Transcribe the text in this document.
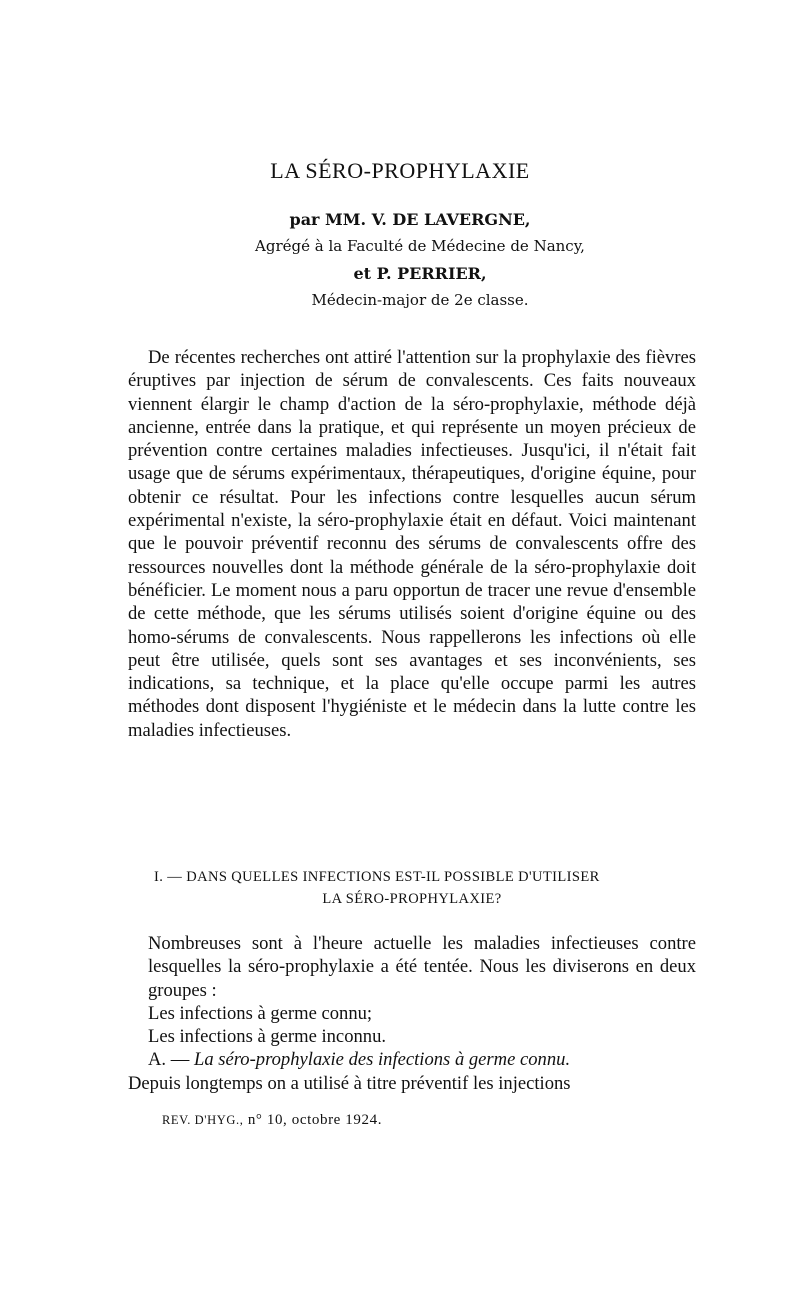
LA SÉRO-PROPHYLAXIE
par MM. V. DE LAVERGNE,
Agrégé à la Faculté de Médecine de Nancy,
et P. PERRIER,
Médecin-major de 2e classe.
De récentes recherches ont attiré l'attention sur la prophylaxie des fièvres éruptives par injection de sérum de convalescents. Ces faits nouveaux viennent élargir le champ d'action de la séro-prophylaxie, méthode déjà ancienne, entrée dans la pratique, et qui représente un moyen précieux de prévention contre certaines maladies infectieuses. Jusqu'ici, il n'était fait usage que de sérums expérimentaux, thérapeutiques, d'origine équine, pour obtenir ce résultat. Pour les infections contre lesquelles aucun sérum expérimental n'existe, la séro-prophylaxie était en défaut. Voici maintenant que le pouvoir préventif reconnu des sérums de convalescents offre des ressources nouvelles dont la méthode générale de la séro-prophylaxie doit bénéficier. Le moment nous a paru opportun de tracer une revue d'ensemble de cette méthode, que les sérums utilisés soient d'origine équine ou des homo-sérums de convalescents. Nous rappellerons les infections où elle peut être utilisée, quels sont ses avantages et ses inconvénients, ses indications, sa technique, et la place qu'elle occupe parmi les autres méthodes dont disposent l'hygiéniste et le médecin dans la lutte contre les maladies infectieuses.
I. — DANS QUELLES INFECTIONS EST-IL POSSIBLE D'UTILISER
LA SÉRO-PROPHYLAXIE?
Nombreuses sont à l'heure actuelle les maladies infectieuses contre lesquelles la séro-prophylaxie a été tentée. Nous les diviserons en deux groupes :
Les infections à germe connu;
Les infections à germe inconnu.
A. — La séro-prophylaxie des infections à germe connu.
Depuis longtemps on a utilisé à titre préventif les injections
REV. D'HYG., n° 10, octobre 1924.
